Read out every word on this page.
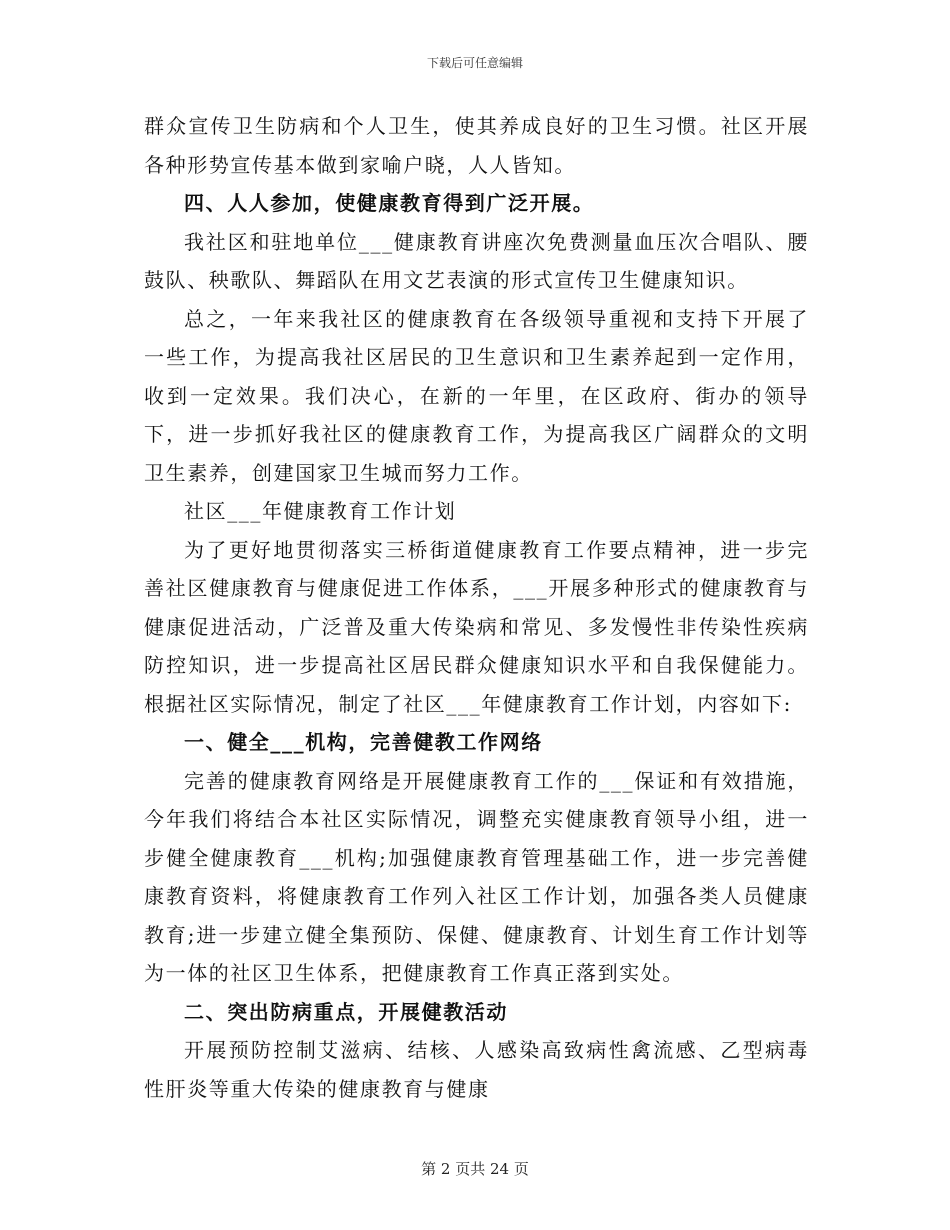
下载后可任意编辑

群众宣传卫生防病和个人卫生，使其养成良好的卫生习惯。社区开展各种形势宣传基本做到家喻户晓，人人皆知。

四、人人参加，使健康教育得到广泛开展。

我社区和驻地单位___健康教育讲座次免费测量血压次合唱队、腰鼓队、秧歌队、舞蹈队在用文艺表演的形式宣传卫生健康知识。

总之，一年来我社区的健康教育在各级领导重视和支持下开展了一些工作，为提高我社区居民的卫生意识和卫生素养起到一定作用，收到一定效果。我们决心，在新的一年里，在区政府、街办的领导下，进一步抓好我社区的健康教育工作，为提高我区广阔群众的文明卫生素养，创建国家卫生城而努力工作。

社区___年健康教育工作计划

为了更好地贯彻落实三桥街道健康教育工作要点精神，进一步完善社区健康教育与健康促进工作体系，___开展多种形式的健康教育与健康促进活动，广泛普及重大传染病和常见、多发慢性非传染性疾病防控知识，进一步提高社区居民群众健康知识水平和自我保健能力。根据社区实际情况，制定了社区___年健康教育工作计划，内容如下:

一、健全___机构，完善健教工作网络

完善的健康教育网络是开展健康教育工作的___保证和有效措施，今年我们将结合本社区实际情况，调整充实健康教育领导小组，进一步健全健康教育___机构;加强健康教育管理基础工作，进一步完善健康教育资料，将健康教育工作列入社区工作计划，加强各类人员健康教育;进一步建立健全集预防、保健、健康教育、计划生育工作计划等为一体的社区卫生体系，把健康教育工作真正落到实处。

二、突出防病重点，开展健教活动

开展预防控制艾滋病、结核、人感染高致病性禽流感、乙型病毒性肝炎等重大传染的健康教育与健康

第 2 页共 24 页
